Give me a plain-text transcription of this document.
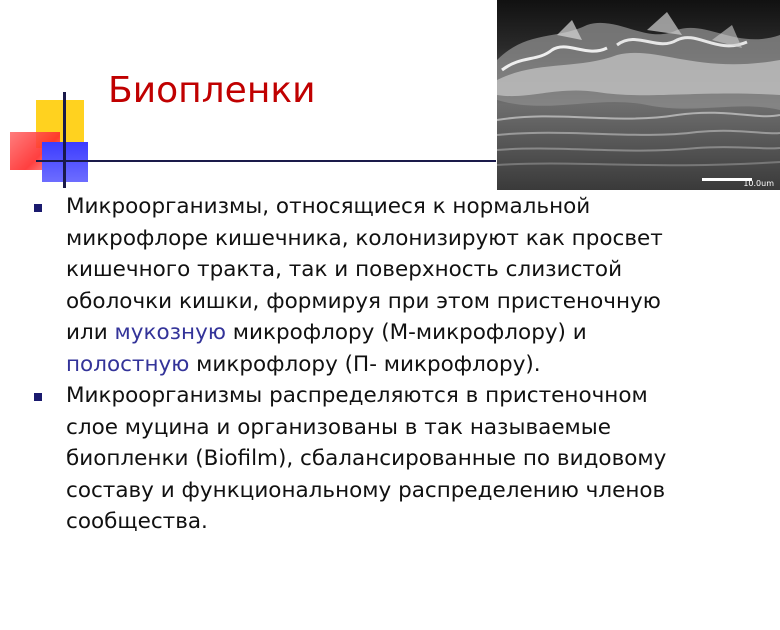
Биопленки
10.0um
Микроорганизмы, относящиеся к нормальной
микрофлоре кишечника, колонизируют как просвет
кишечного тракта, так и поверхность слизистой
оболочки кишки, формируя при этом пристеночную
или мукозную микрофлору (М-микрофлору) и
полостную микрофлору (П- микрофлору).
Микроорганизмы распределяются в пристеночном
слое муцина и организованы в так называемые
биопленки (Biofilm), сбалансированные по видовому
составу и функциональному распределению членов
сообщества.
